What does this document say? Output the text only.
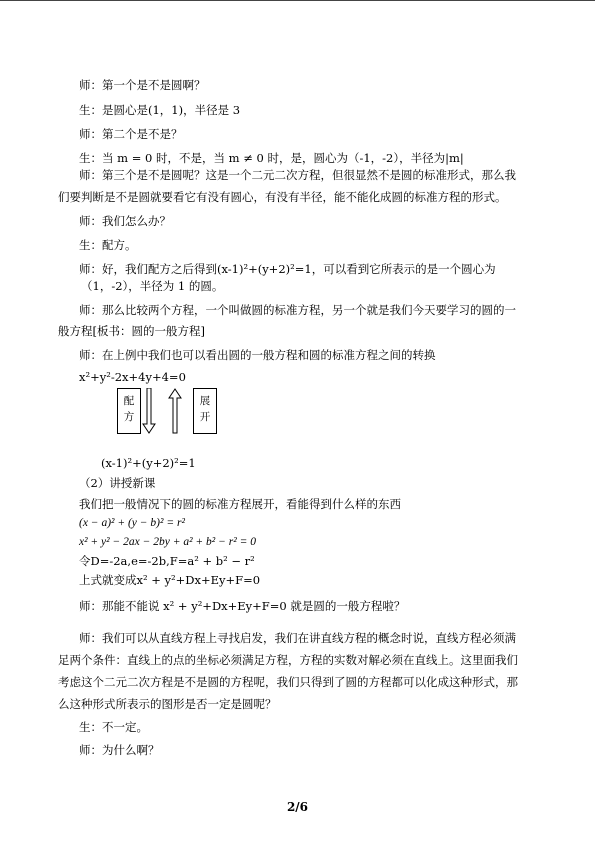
师：第一个是不是圆啊？
生：是圆心是(1，1)，半径是 3
师：第二个是不是？
生：当 m = 0 时，不是，当 m ≠ 0 时，是，圆心为（-1，-2），半径为|m|
师：第三个是不是圆呢？这是一个二元二次方程，但很显然不是圆的标准形式，那么我
们要判断是不是圆就要看它有没有圆心，有没有半径，能不能化成圆的标准方程的形式。
师：我们怎么办？
生：配方。
师：好，我们配方之后得到(x-1)²+(y+2)²=1，可以看到它所表示的是一个圆心为
（1，-2），半径为 1 的圆。
师：那么比较两个方程，一个叫做圆的标准方程，另一个就是我们今天要学习的圆的一
般方程[板书：圆的一般方程]
师：在上例中我们也可以看出圆的一般方程和圆的标准方程之间的转换
x²+y²-2x+4y+4=0
配
方
展
开
(x-1)²+(y+2)²=1
（2）讲授新课
我们把一般情况下的圆的标准方程展开，看能得到什么样的东西
(x − a)² + (y − b)² = r²
x² + y² − 2ax − 2by + a² + b² − r² = 0
令D=-2a,e=-2b,F=a² + b² − r²
上式就变成x² + y²+Dx+Ey+F=0
师：那能不能说 x² + y²+Dx+Ey+F=0 就是圆的一般方程啦？
师：我们可以从直线方程上寻找启发，我们在讲直线方程的概念时说，直线方程必须满
足两个条件：直线上的点的坐标必须满足方程，方程的实数对解必须在直线上。这里面我们
考虑这个二元二次方程是不是圆的方程呢，我们只得到了圆的方程都可以化成这种形式，那
么这种形式所表示的图形是否一定是圆呢？
生：不一定。
师：为什么啊？
2/6
